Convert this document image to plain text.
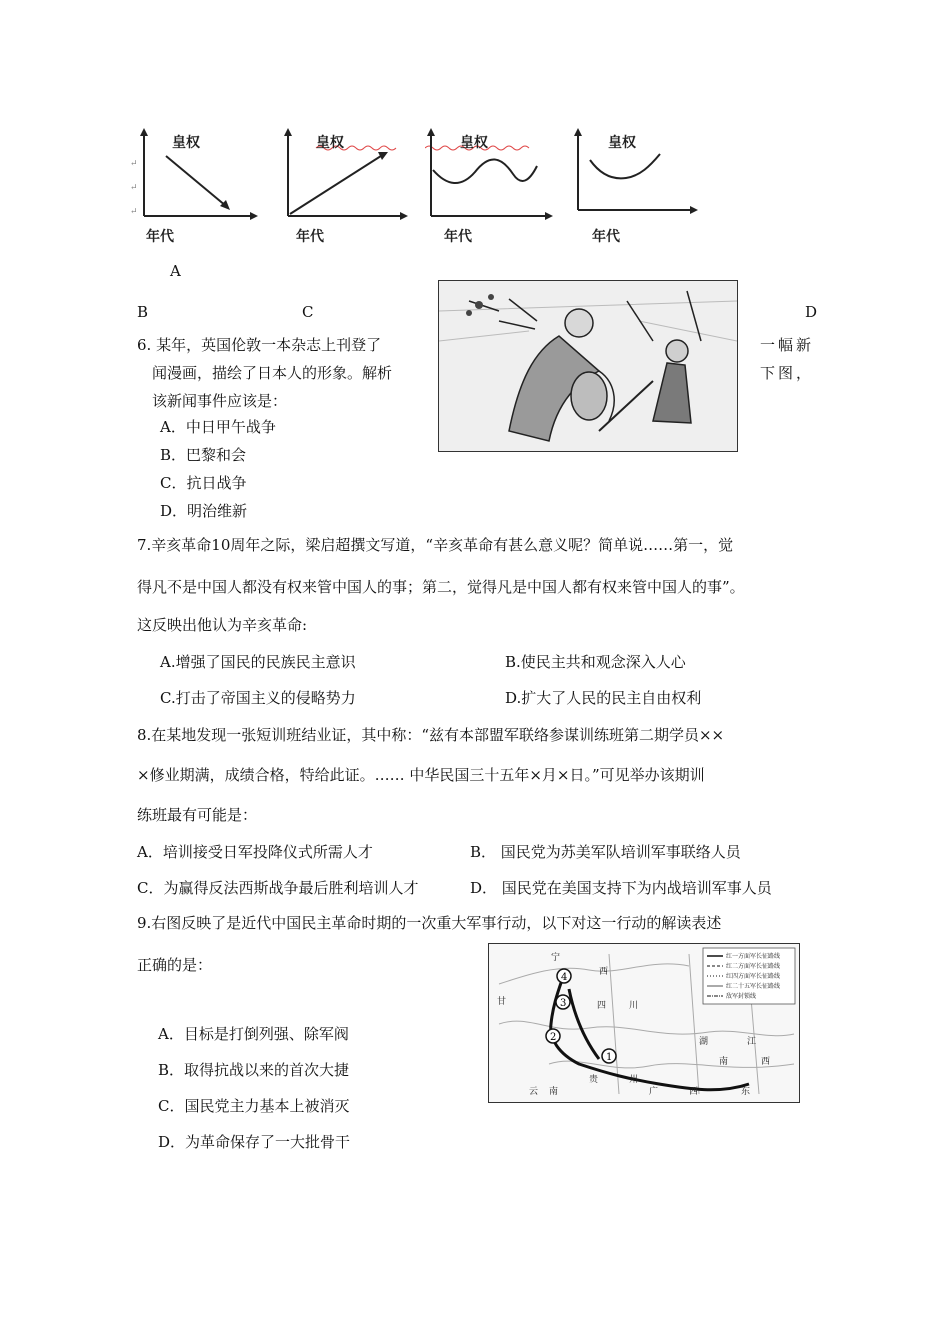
↵
↵
↵
皇权
年代
皇权
年代
皇权
年代
皇权
年代
A
B	C	D
6. 某年，英国伦敦一本杂志上刊登了	一幅新
闻漫画，描绘了日本人的形象。解析	下图，
该新闻事件应该是：
A．中日甲午战争
B．巴黎和会
C．抗日战争
D．明治维新
7.辛亥革命10周年之际，梁启超撰文写道，“辛亥革命有甚么意义呢？简单说……第一，觉
得凡不是中国人都没有权来管中国人的事；第二，觉得凡是中国人都有权来管中国人的事”。
这反映出他认为辛亥革命:
A.增强了国民的民族民主意识	B.使民主共和观念深入人心
C.打击了帝国主义的侵略势力	D.扩大了人民的民主自由权利
8.在某地发现一张短训班结业证，其中称：“兹有本部盟军联络参谋训练班第二期学员××
×修业期满，成绩合格，特给此证。…… 中华民国三十五年×月×日。”可见举办该期训
练班最有可能是：
A．培训接受日军投降仪式所需人才	B． 国民党为苏美军队培训军事联络人员
C．为赢得反法西斯战争最后胜利培训人才	D． 国民党在美国支持下为内战培训军事人员
9.右图反映了是近代中国民主革命时期的一次重大军事行动，以下对这一行动的解读表述
正确的是：
A．目标是打倒列强、除军阀
B．取得抗战以来的首次大捷
C．国民党主力基本上被消灭
D．为革命保存了一大批骨干
4
2
3
1
甘
宁
西
四	川
湖
南
江
西
贵	州
云 南	广	西	东
红一方面军长征路线
红二方面军长征路线
红四方面军长征路线
红二十五军长征路线
敌军封锁线
